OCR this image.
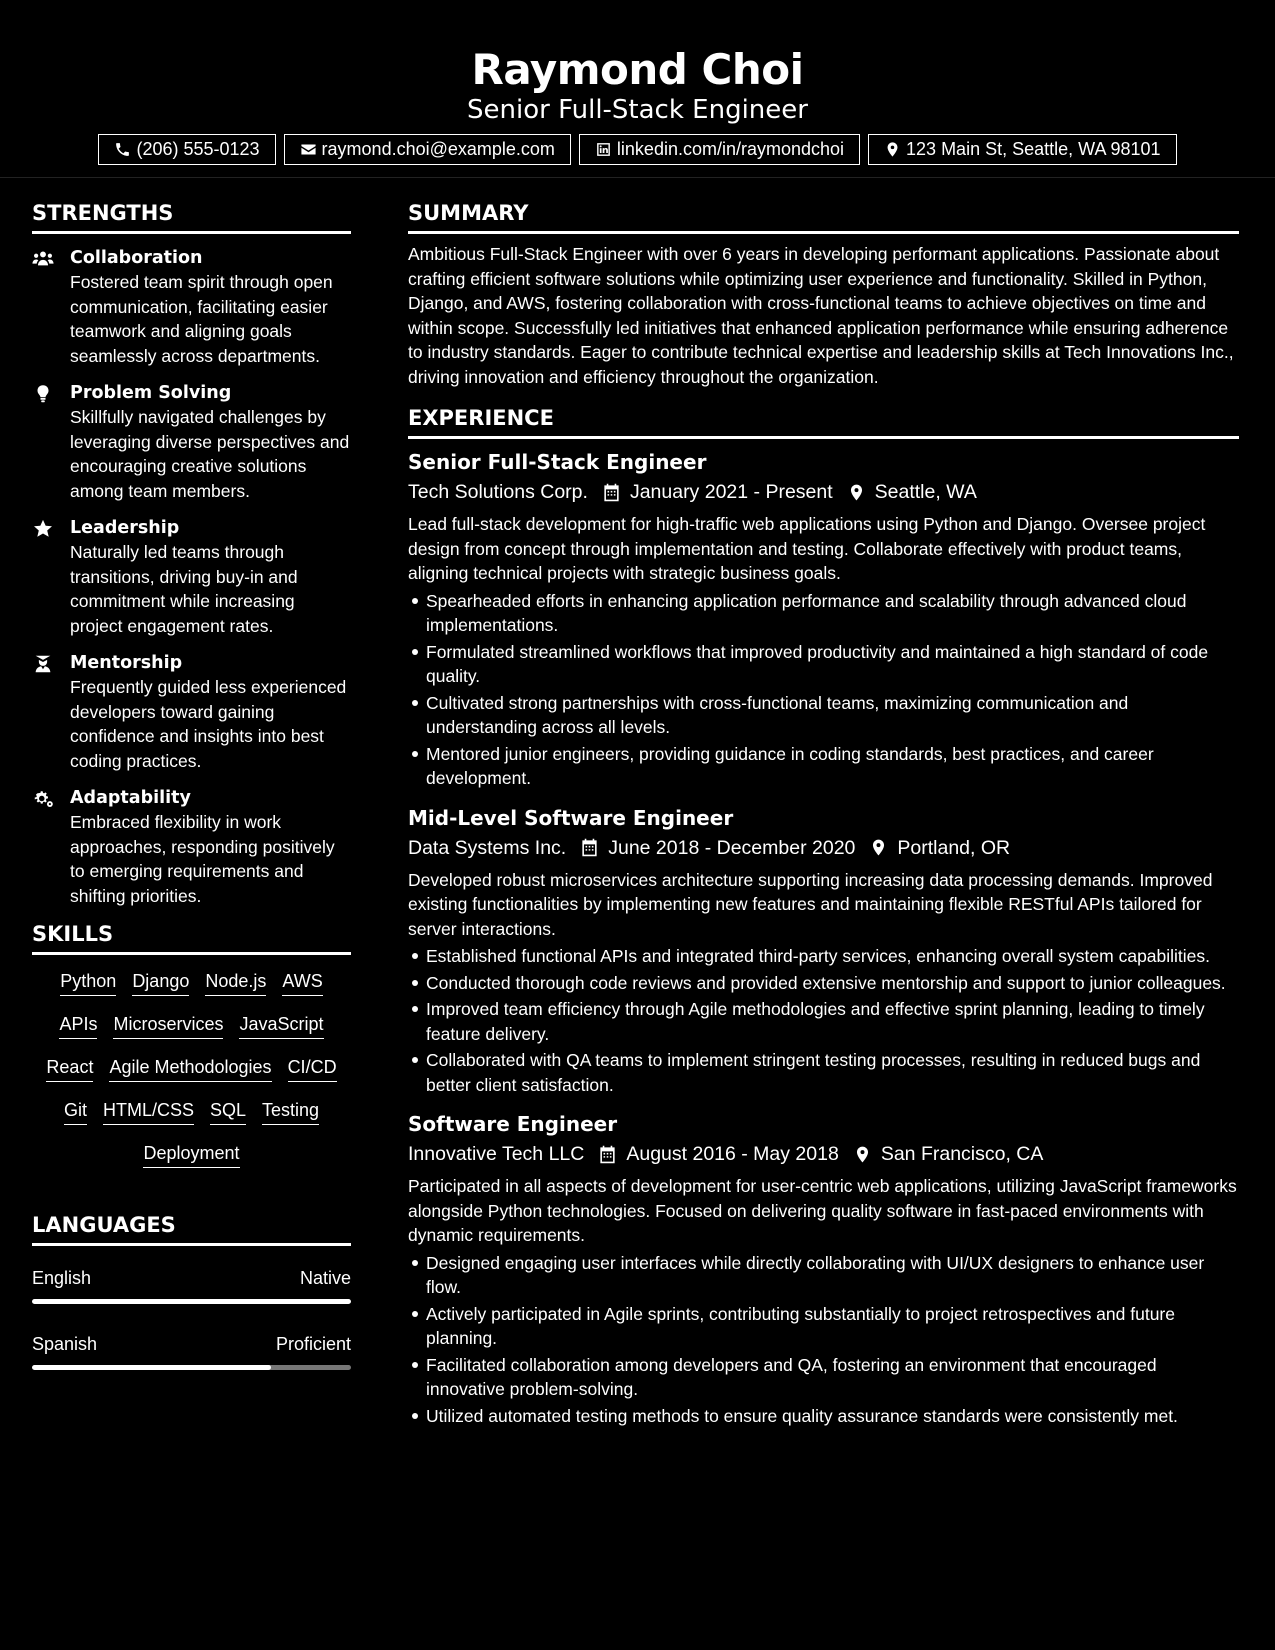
Raymond Choi
Senior Full-Stack Engineer
(206) 555-0123	raymond.choi@example.com	linkedin.com/in/raymondchoi	123 Main St, Seattle, WA 98101
STRENGTHS
Collaboration
Fostered team spirit through open communication, facilitating easier teamwork and aligning goals seamlessly across departments.
Problem Solving
Skillfully navigated challenges by leveraging diverse perspectives and encouraging creative solutions among team members.
Leadership
Naturally led teams through transitions, driving buy-in and commitment while increasing project engagement rates.
Mentorship
Frequently guided less experienced developers toward gaining confidence and insights into best coding practices.
Adaptability
Embraced flexibility in work approaches, responding positively to emerging requirements and shifting priorities.
SKILLS
Python Django Node.js AWS
APIs Microservices JavaScript
React Agile Methodologies CI/CD
Git HTML/CSS SQL Testing
Deployment
LANGUAGES
English	Native
Spanish	Proficient
SUMMARY
Ambitious Full-Stack Engineer with over 6 years in developing performant applications. Passionate about crafting efficient software solutions while optimizing user experience and functionality. Skilled in Python, Django, and AWS, fostering collaboration with cross-functional teams to achieve objectives on time and within scope. Successfully led initiatives that enhanced application performance while ensuring adherence to industry standards. Eager to contribute technical expertise and leadership skills at Tech Innovations Inc., driving innovation and efficiency throughout the organization.
EXPERIENCE
Senior Full-Stack Engineer
Tech Solutions Corp. January 2021 - Present Seattle, WA
Lead full-stack development for high-traffic web applications using Python and Django. Oversee project design from concept through implementation and testing. Collaborate effectively with product teams, aligning technical projects with strategic business goals.
Spearheaded efforts in enhancing application performance and scalability through advanced cloud implementations.
Formulated streamlined workflows that improved productivity and maintained a high standard of code quality.
Cultivated strong partnerships with cross-functional teams, maximizing communication and understanding across all levels.
Mentored junior engineers, providing guidance in coding standards, best practices, and career development.
Mid-Level Software Engineer
Data Systems Inc. June 2018 - December 2020 Portland, OR
Developed robust microservices architecture supporting increasing data processing demands. Improved existing functionalities by implementing new features and maintaining flexible RESTful APIs tailored for server interactions.
Established functional APIs and integrated third-party services, enhancing overall system capabilities.
Conducted thorough code reviews and provided extensive mentorship and support to junior colleagues.
Improved team efficiency through Agile methodologies and effective sprint planning, leading to timely feature delivery.
Collaborated with QA teams to implement stringent testing processes, resulting in reduced bugs and better client satisfaction.
Software Engineer
Innovative Tech LLC August 2016 - May 2018 San Francisco, CA
Participated in all aspects of development for user-centric web applications, utilizing JavaScript frameworks alongside Python technologies. Focused on delivering quality software in fast-paced environments with dynamic requirements.
Designed engaging user interfaces while directly collaborating with UI/UX designers to enhance user flow.
Actively participated in Agile sprints, contributing substantially to project retrospectives and future planning.
Facilitated collaboration among developers and QA, fostering an environment that encouraged innovative problem-solving.
Utilized automated testing methods to ensure quality assurance standards were consistently met.
